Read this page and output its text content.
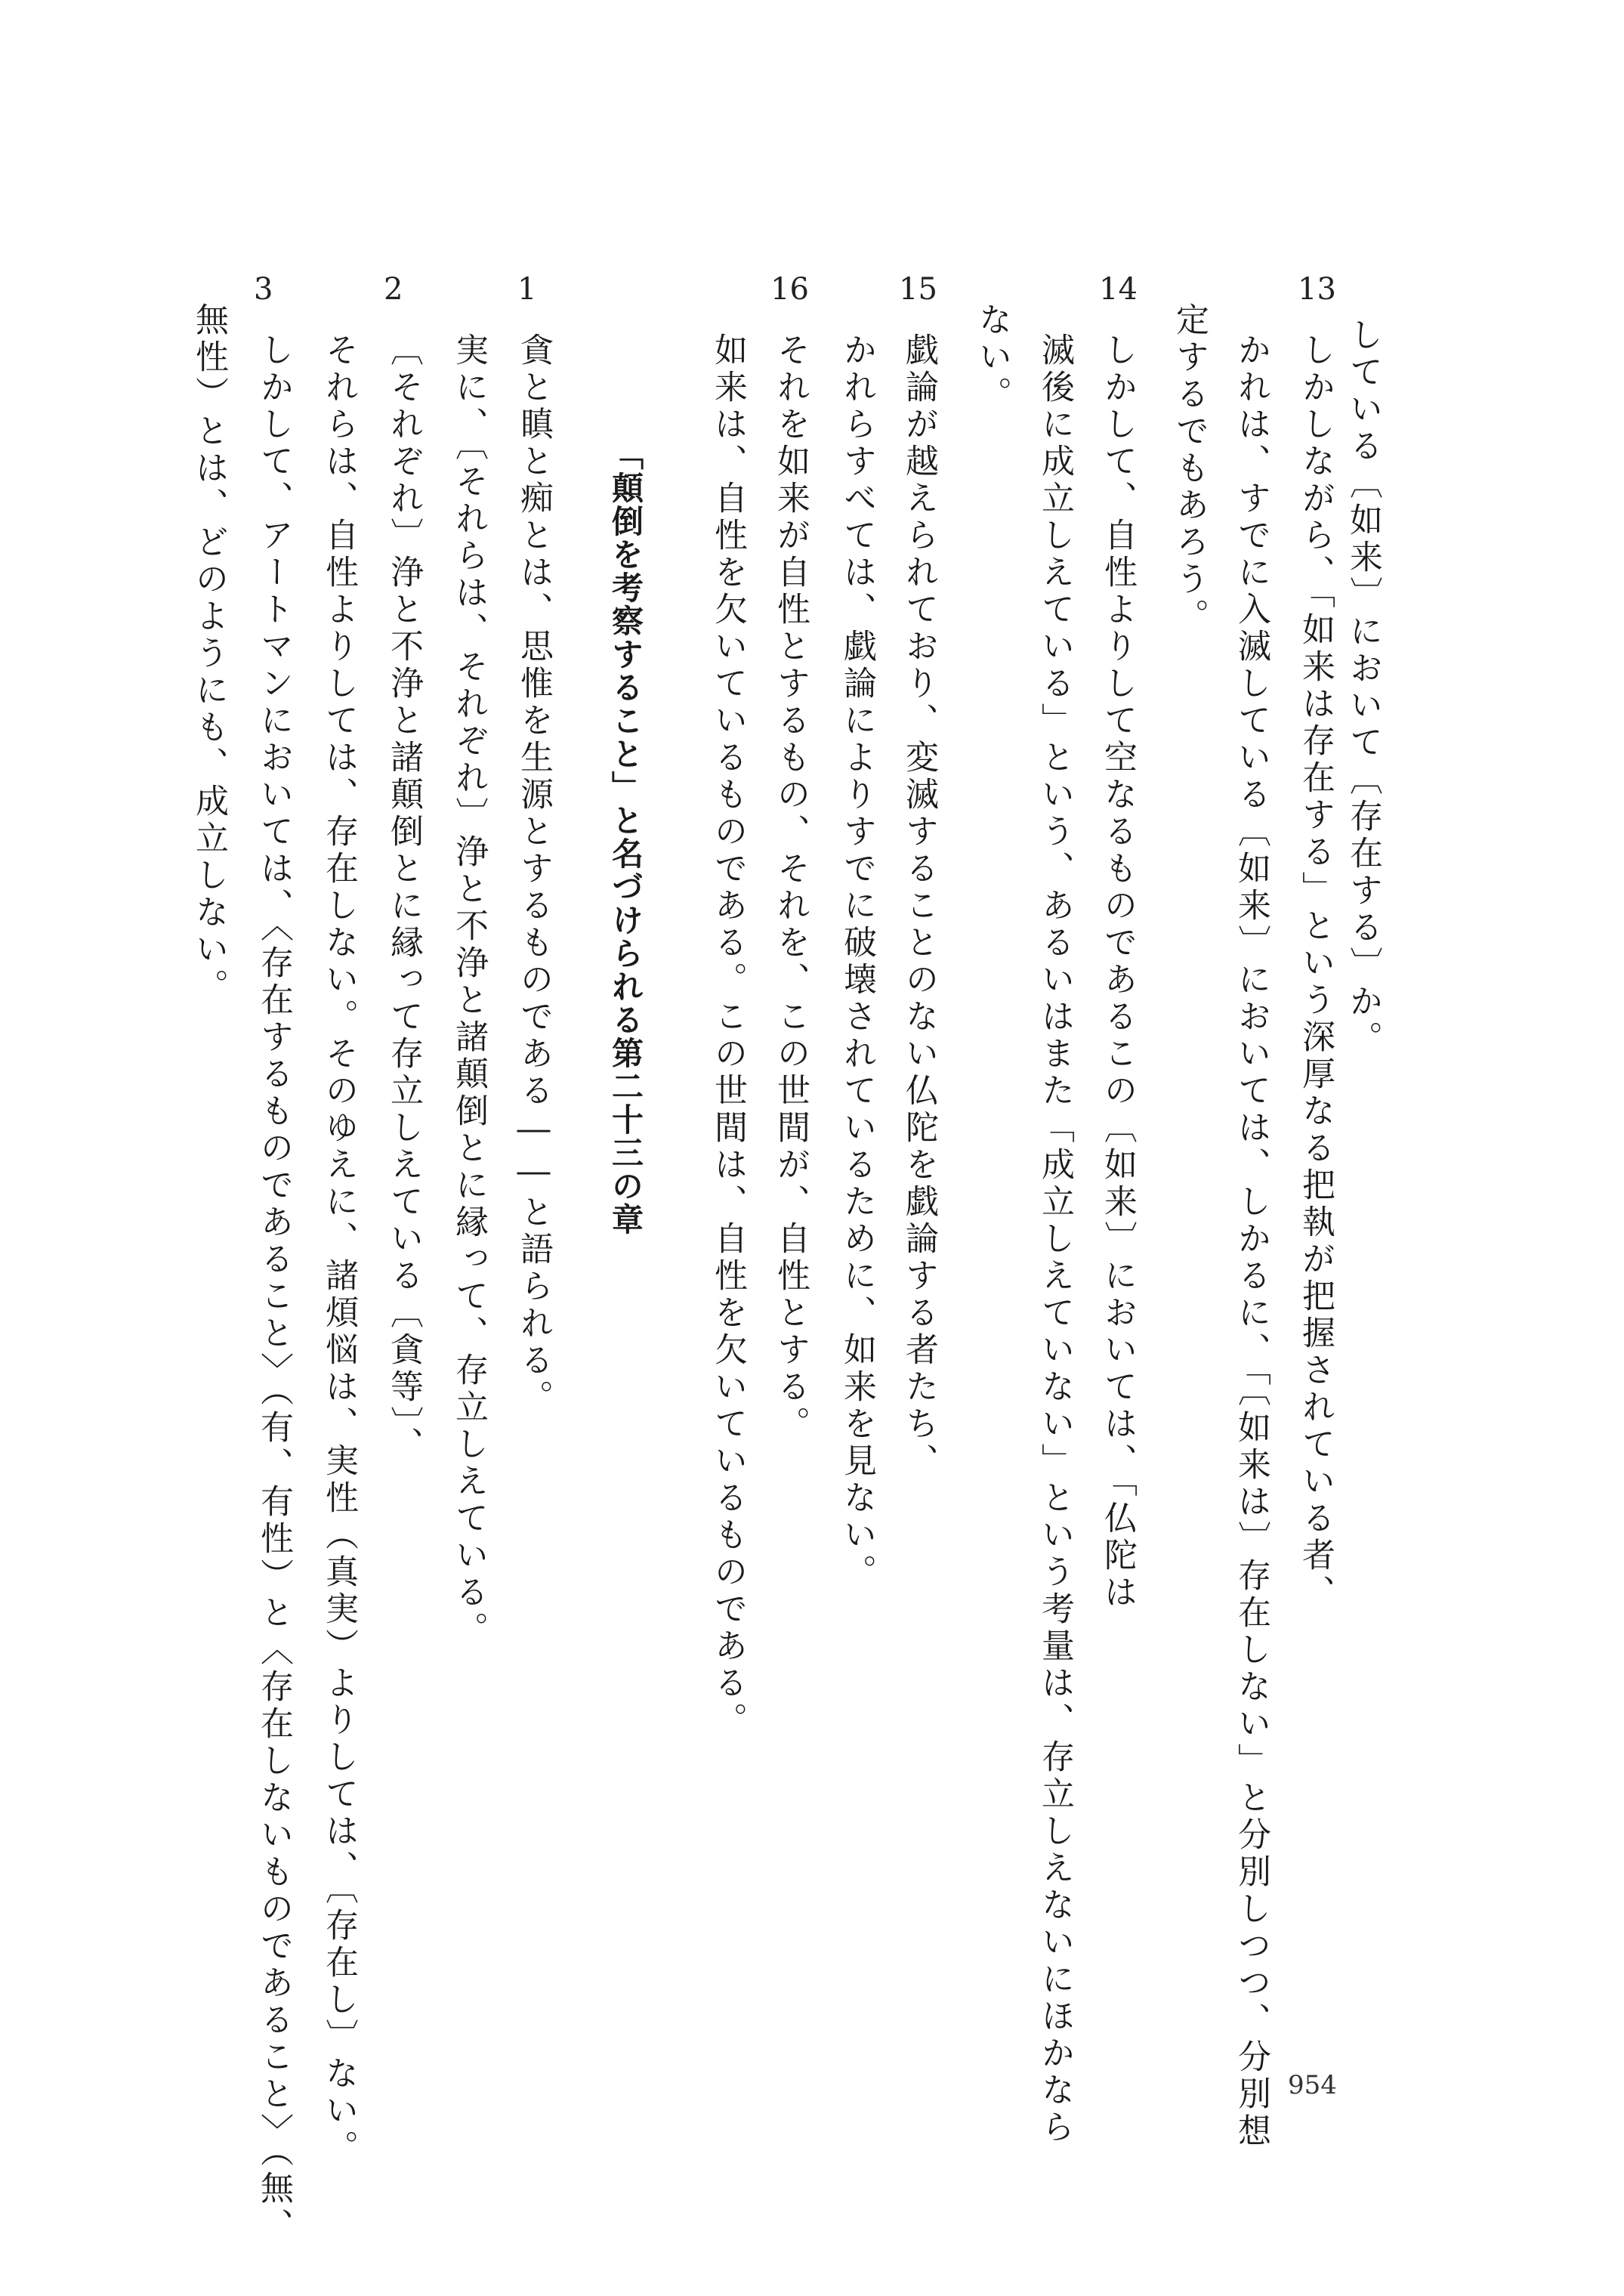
13
14
15
16
1
2
3
している〔如来〕において〔存在する〕か。
しかしながら、「如来は存在する」という深厚なる把執が把握されている者、
かれは、すでに入滅している〔如来〕においては、しかるに、「〔如来は〕存在しない」と分別しつつ、分別想
定するでもあろう。
しかして、自性よりして空なるものであるこの〔如来〕においては、「仏陀は
滅後に成立しえている」という、あるいはまた「成立しえていない」という考量は、存立しえないにほかなら
ない。
戯論が越えられており、変滅することのない仏陀を戯論する者たち、
かれらすべては、戯論によりすでに破壊されているために、如来を見ない。
それを如来が自性とするもの、それを、この世間が、自性とする。
如来は、自性を欠いているものである。この世間は、自性を欠いているものである。
「顛倒を考察すること」と名づけられる第二十三の章
貪と瞋と痴とは、思惟を生源とするものである――と語られる。
実に、〔それらは、それぞれ〕浄と不浄と諸顛倒とに縁って、存立しえている。
〔それぞれ〕浄と不浄と諸顛倒とに縁って存立しえている〔貪等〕、
それらは、自性よりしては、存在しない。そのゆえに、諸煩悩は、実性（真実）よりしては、〔存在し〕ない。
しかして、アートマンにおいては、〈存在するものであること〉（有、有性）と〈存在しないものであること〉（無、
無性）とは、どのようにも、成立しない。
954
